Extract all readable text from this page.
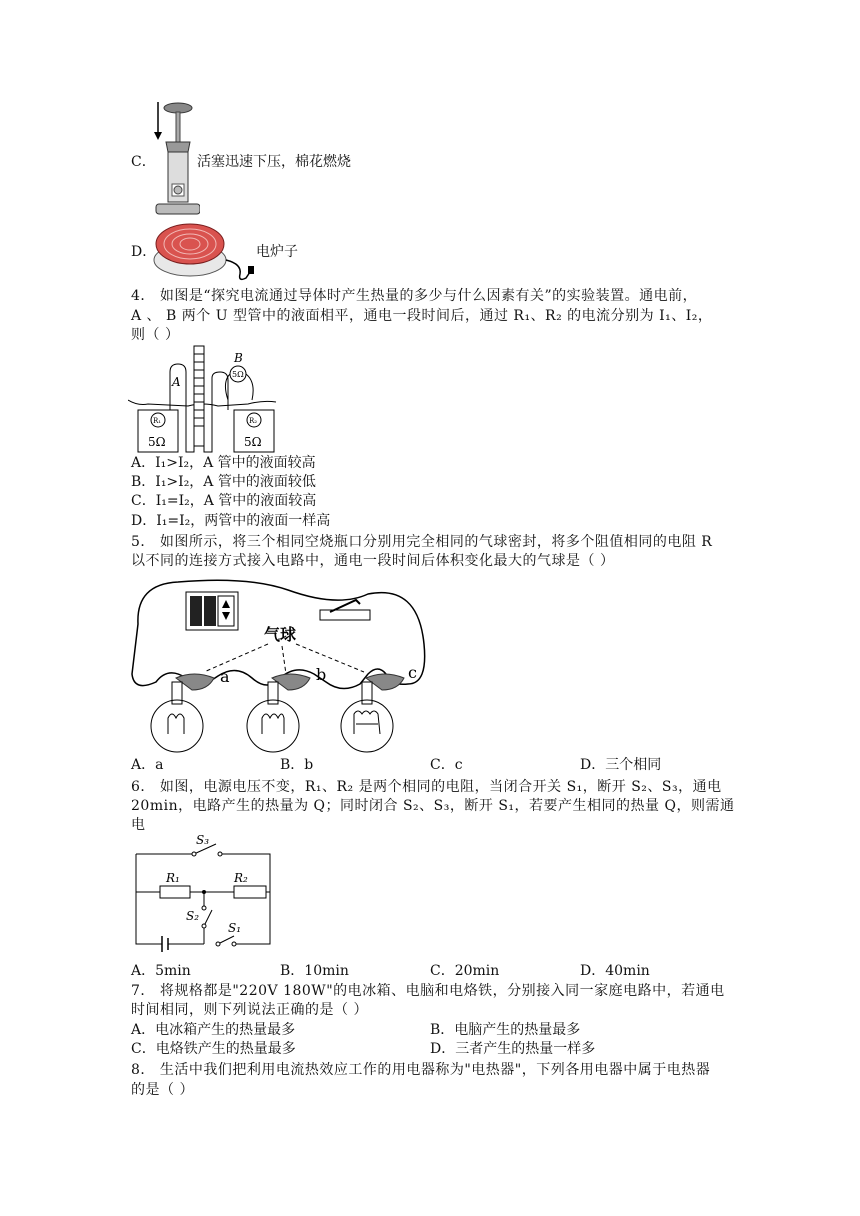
C．	活塞迅速下压，棉花燃烧
D．	电炉子
4． 如图是“探究电流通过导体时产生热量的多少与什么因素有关”的实验装置。通电前，
A 、 B 两个 U 型管中的液面相平，通电一段时间后，通过 R₁、R₂ 的电流分别为 I₁、I₂，
则（ ）
R₁	R₂
5Ω	5Ω
A
B
5Ω
A．I₁>I₂，A 管中的液面较高
B．I₁>I₂，A 管中的液面较低
C．I₁=I₂，A 管中的液面较高
D．I₁=I₂，两管中的液面一样高
5． 如图所示，将三个相同空烧瓶口分别用完全相同的气球密封，将多个阻值相同的电阻 R
以不同的连接方式接入电路中，通电一段时间后体积变化最大的气球是（ ）
气球
a	b	c
A．a	B．b	C．c	D．三个相同
6． 如图，电源电压不变，R₁、R₂ 是两个相同的电阻，当闭合开关 S₁，断开 S₂、S₃，通电
20min，电路产生的热量为 Q；同时闭合 S₂、S₃，断开 S₁，若要产生相同的热量 Q，则需通
电
S₃
R₁	R₂
S₂
S₁
A．5min	B．10min	C．20min	D．40min
7． 将规格都是"220V 180W"的电冰箱、电脑和电烙铁，分别接入同一家庭电路中，若通电
时间相同，则下列说法正确的是（ ）
A．电冰箱产生的热量最多	B．电脑产生的热量最多
C．电烙铁产生的热量最多	D．三者产生的热量一样多
8． 生活中我们把利用电流热效应工作的用电器称为"电热器"，下列各用电器中属于电热器
的是（ ）
